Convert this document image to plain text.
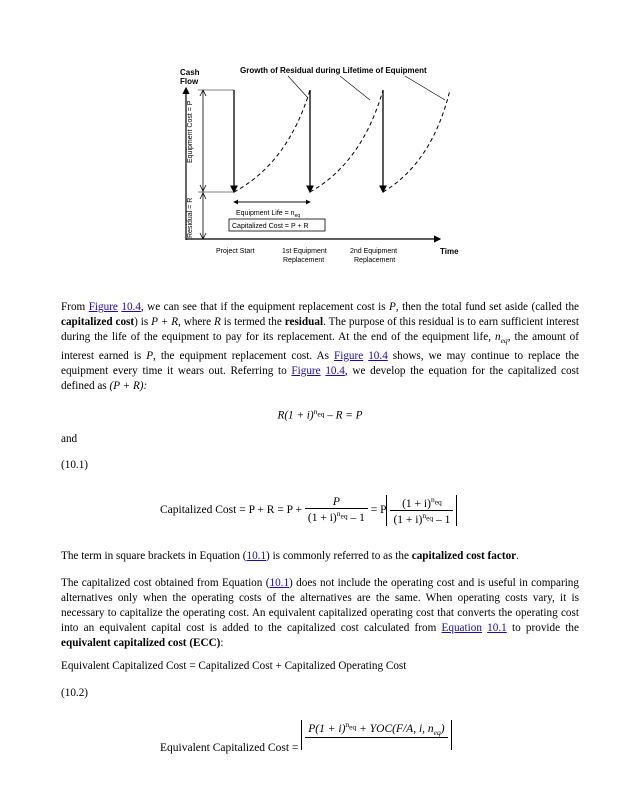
Cash
Flow
Equipment Cost = P
Residual = R
Growth of Residual during Lifetime of Equipment
Equipment Life = $n_{eq}$
Capitalized Cost = P + R
Project Start	1st Equipment
Replacement
2nd Equipment
Replacement
Time
From Figure 10.4, we can see that if the equipment replacement cost is P, then the total fund set aside (called the capitalized cost) is P + R, where R is termed the residual. The purpose of this residual is to earn sufficient interest during the life of the equipment to pay for its replacement. At the end of the equipment life, $n_{eq}$, the amount of interest earned is P, the equipment replacement cost. As Figure 10.4 shows, we may continue to replace the equipment every time it wears out. Referring to Figure 10.4, we develop the equation for the capitalized cost defined as (P + R):
$R(1 + i)^{n_{eq}} - R = P$
and
(10.1)
Capitalized Cost = $P + R = P + \frac{P}{(1 + i)^{n_{eq}} - 1} = P \frac{(1 + i)^{n_{eq}}}{(1 + i)^{n_{eq}} - 1}$
The term in square brackets in Equation (10.1) is commonly referred to as the capitalized cost factor.
The capitalized cost obtained from Equation (10.1) does not include the operating cost and is useful in comparing alternatives only when the operating costs of the alternatives are the same. When operating costs vary, it is necessary to capitalize the operating cost. An equivalent capitalized operating cost that converts the operating cost into an equivalent capital cost is added to the capitalized cost calculated from Equation 10.1 to provide the equivalent capitalized cost (ECC):
Equivalent Capitalized Cost = Capitalized Cost + Capitalized Operating Cost
(10.2)
Equivalent Capitalized Cost =
$P(1 + i)^{n_{eq}} + YOC(F/A$, i, $n_{eq}$)
